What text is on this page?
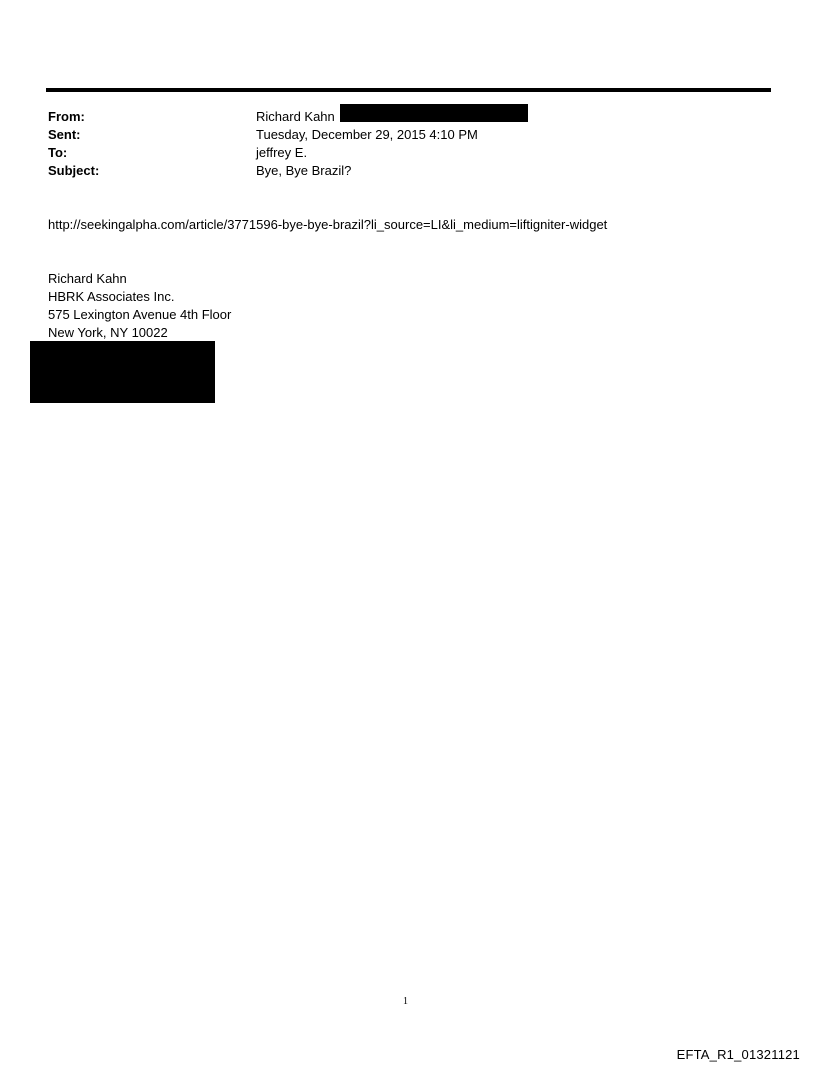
From:	Richard Kahn
Sent:	Tuesday, December 29, 2015 4:10 PM
To:	jeffrey E.
Subject:	Bye, Bye Brazil?
http://seekingalpha.com/article/3771596-bye-bye-brazil?li_source=LI&li_medium=liftigniter-widget
Richard Kahn
HBRK Associates Inc.
575 Lexington Avenue 4th Floor
New York, NY 10022
1
EFTA_R1_01321121
